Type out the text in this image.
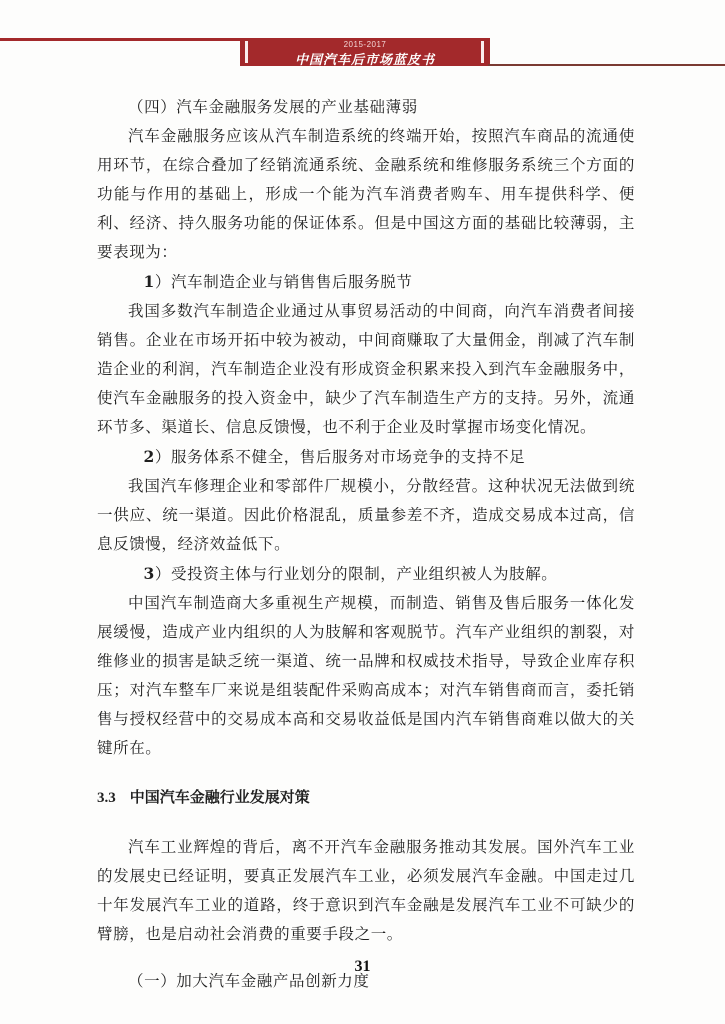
2015-2017
中国汽车后市场蓝皮书

（四）汽车金融服务发展的产业基础薄弱

汽车金融服务应该从汽车制造系统的终端开始，按照汽车商品的流通使用环节，在综合叠加了经销流通系统、金融系统和维修服务系统三个方面的功能与作用的基础上，形成一个能为汽车消费者购车、用车提供科学、便利、经济、持久服务功能的保证体系。但是中国这方面的基础比较薄弱，主要表现为：

1）汽车制造企业与销售售后服务脱节

我国多数汽车制造企业通过从事贸易活动的中间商，向汽车消费者间接销售。企业在市场开拓中较为被动，中间商赚取了大量佣金，削减了汽车制造企业的利润，汽车制造企业没有形成资金积累来投入到汽车金融服务中，使汽车金融服务的投入资金中，缺少了汽车制造生产方的支持。另外，流通环节多、渠道长、信息反馈慢，也不利于企业及时掌握市场变化情况。

2）服务体系不健全，售后服务对市场竞争的支持不足

我国汽车修理企业和零部件厂规模小，分散经营。这种状况无法做到统一供应、统一渠道。因此价格混乱，质量参差不齐，造成交易成本过高，信息反馈慢，经济效益低下。

3）受投资主体与行业划分的限制，产业组织被人为肢解。

中国汽车制造商大多重视生产规模，而制造、销售及售后服务一体化发展缓慢，造成产业内组织的人为肢解和客观脱节。汽车产业组织的割裂，对维修业的损害是缺乏统一渠道、统一品牌和权威技术指导，导致企业库存积压；对汽车整车厂来说是组装配件采购高成本；对汽车销售商而言，委托销售与授权经营中的交易成本高和交易收益低是国内汽车销售商难以做大的关键所在。

3.3 中国汽车金融行业发展对策

汽车工业辉煌的背后，离不开汽车金融服务推动其发展。国外汽车工业的发展史已经证明，要真正发展汽车工业，必须发展汽车金融。中国走过几十年发展汽车工业的道路，终于意识到汽车金融是发展汽车工业不可缺少的臂膀，也是启动社会消费的重要手段之一。

（一）加大汽车金融产品创新力度

31
